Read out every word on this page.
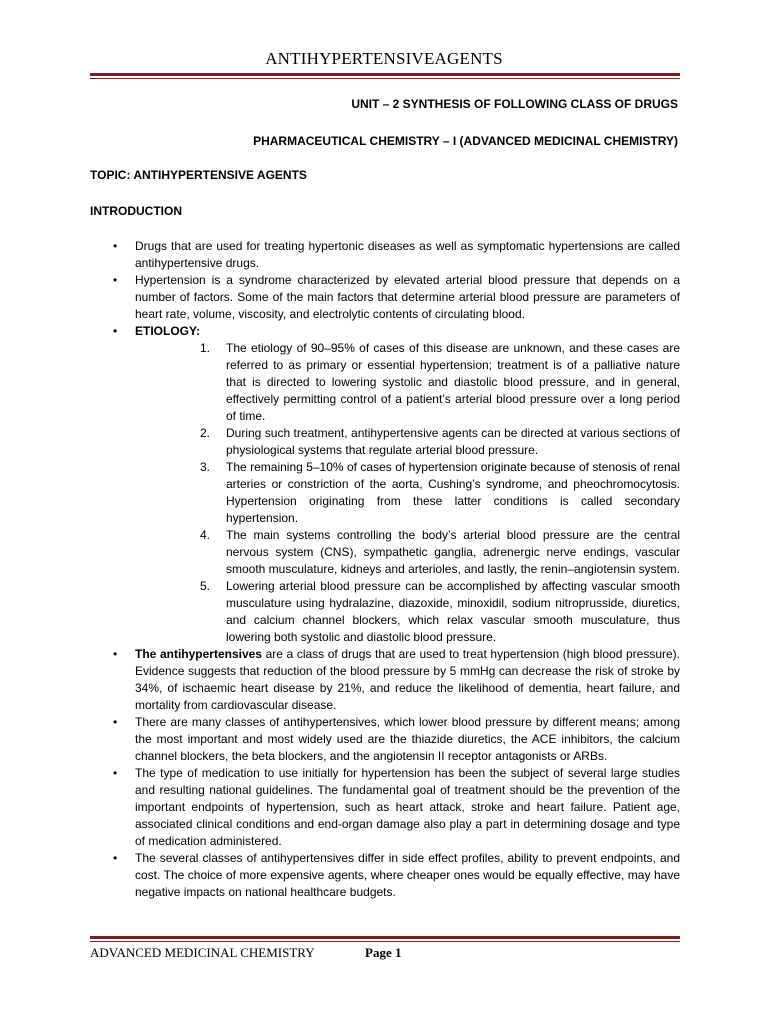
ANTIHYPERTENSIVEAGENTS
UNIT – 2 SYNTHESIS OF FOLLOWING CLASS OF DRUGS
PHARMACEUTICAL CHEMISTRY – I (ADVANCED MEDICINAL CHEMISTRY)
TOPIC: ANTIHYPERTENSIVE AGENTS
INTRODUCTION
•	Drugs that are used for treating hypertonic diseases as well as symptomatic hypertensions are called antihypertensive drugs.
•	Hypertension is a syndrome characterized by elevated arterial blood pressure that depends on a number of factors. Some of the main factors that determine arterial blood pressure are parameters of heart rate, volume, viscosity, and electrolytic contents of circulating blood.
•	ETIOLOGY:
1. The etiology of 90–95% of cases of this disease are unknown, and these cases are referred to as primary or essential hypertension; treatment is of a palliative nature that is directed to lowering systolic and diastolic blood pressure, and in general, effectively permitting control of a patient’s arterial blood pressure over a long period of time.
2. During such treatment, antihypertensive agents can be directed at various sections of physiological systems that regulate arterial blood pressure.
3. The remaining 5–10% of cases of hypertension originate because of stenosis of renal arteries or constriction of the aorta, Cushing’s syndrome, and pheochromocytosis. Hypertension originating from these latter conditions is called secondary hypertension.
4. The main systems controlling the body’s arterial blood pressure are the central nervous system (CNS), sympathetic ganglia, adrenergic nerve endings, vascular smooth musculature, kidneys and arterioles, and lastly, the renin–angiotensin system.
5. Lowering arterial blood pressure can be accomplished by affecting vascular smooth musculature using hydralazine, diazoxide, minoxidil, sodium nitroprusside, diuretics, and calcium channel blockers, which relax vascular smooth musculature, thus lowering both systolic and diastolic blood pressure.
•	The antihypertensives are a class of drugs that are used to treat hypertension (high blood pressure). Evidence suggests that reduction of the blood pressure by 5 mmHg can decrease the risk of stroke by 34%, of ischaemic heart disease by 21%, and reduce the likelihood of dementia, heart failure, and mortality from cardiovascular disease.
•	There are many classes of antihypertensives, which lower blood pressure by different means; among the most important and most widely used are the thiazide diuretics, the ACE inhibitors, the calcium channel blockers, the beta blockers, and the angiotensin II receptor antagonists or ARBs.
•	The type of medication to use initially for hypertension has been the subject of several large studies and resulting national guidelines. The fundamental goal of treatment should be the prevention of the important endpoints of hypertension, such as heart attack, stroke and heart failure. Patient age, associated clinical conditions and end-organ damage also play a part in determining dosage and type of medication administered.
•	The several classes of antihypertensives differ in side effect profiles, ability to prevent endpoints, and cost. The choice of more expensive agents, where cheaper ones would be equally effective, may have negative impacts on national healthcare budgets.
ADVANCED MEDICINAL CHEMISTRY	Page 1
